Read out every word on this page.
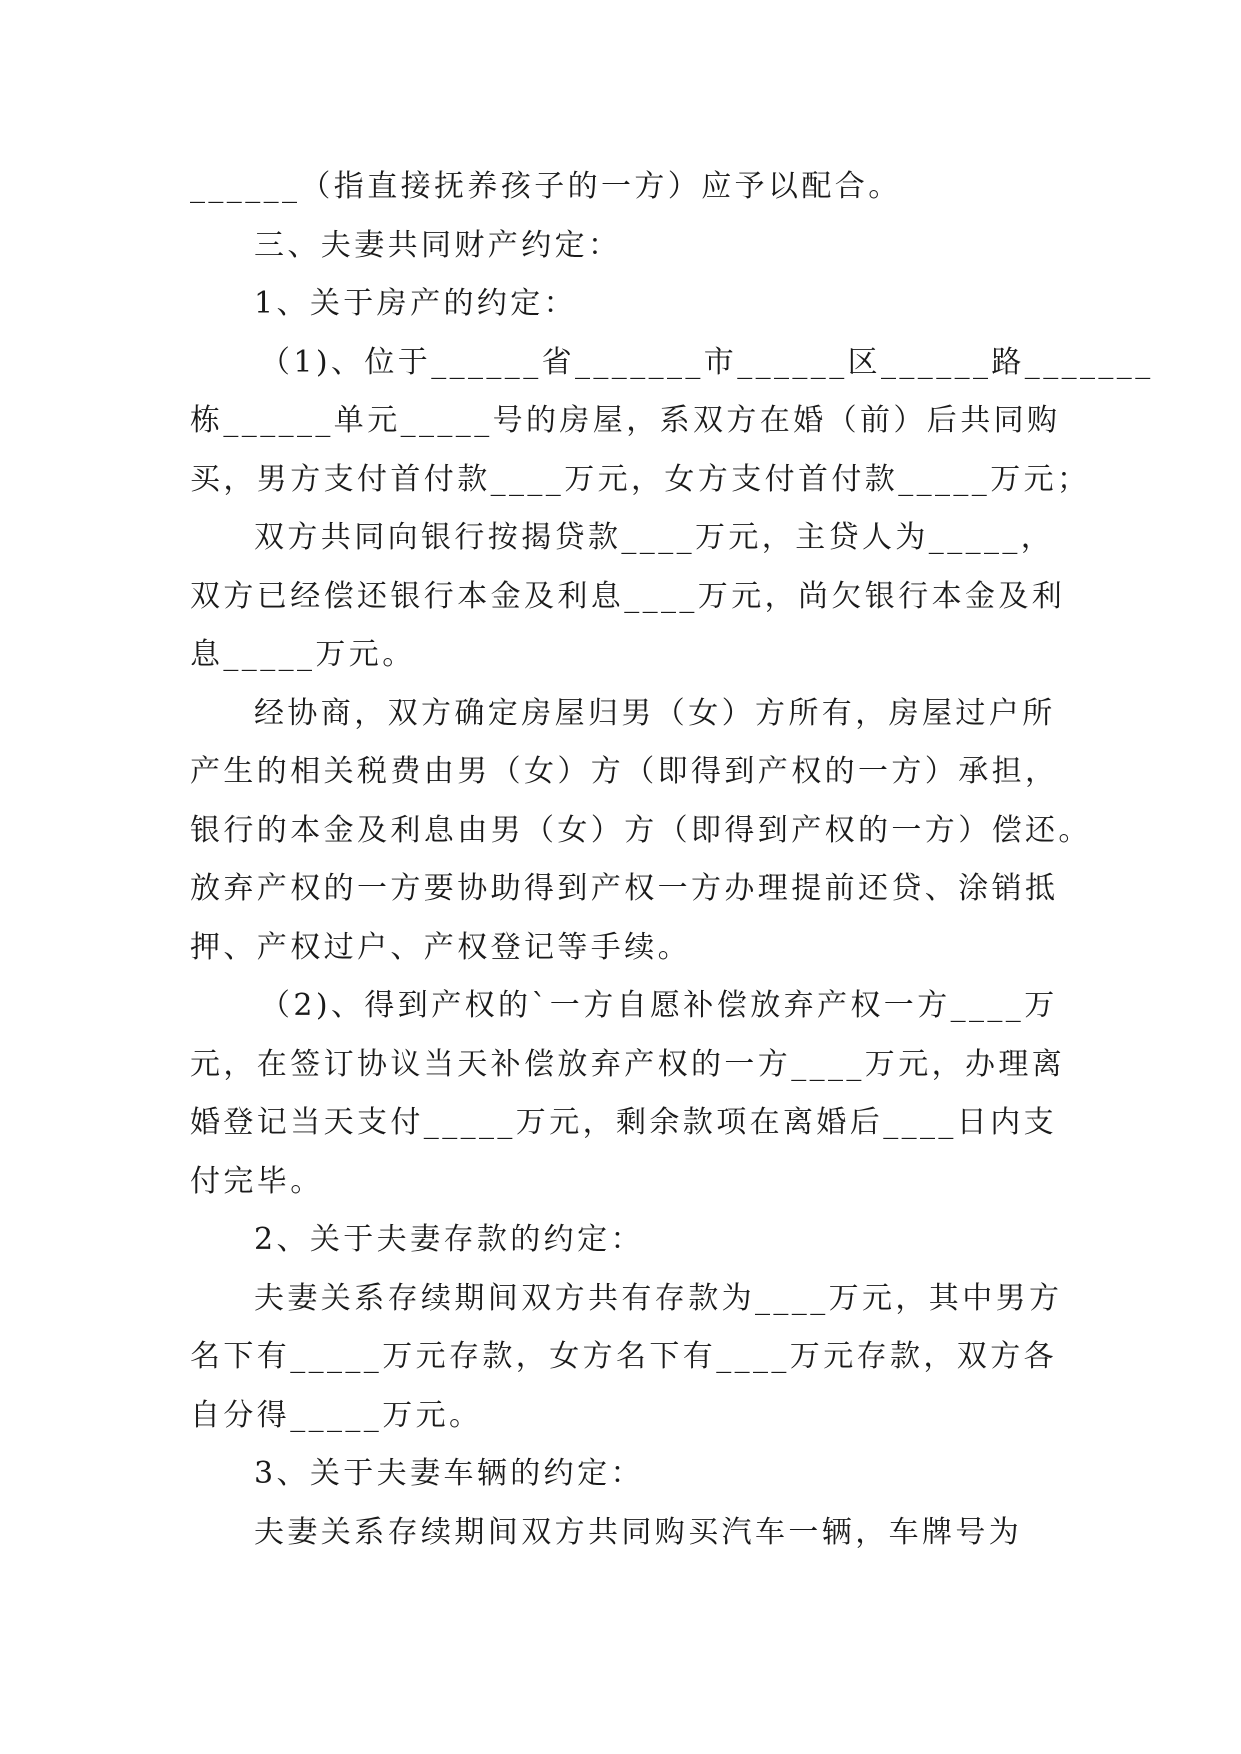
______（指直接抚养孩子的一方）应予以配合。
三、夫妻共同财产约定：
1、关于房产的约定：
（1)、位于______省_______市______区______路_______
栋______单元_____号的房屋，系双方在婚（前）后共同购
买，男方支付首付款____万元，女方支付首付款_____万元；
双方共同向银行按揭贷款____万元，主贷人为_____，
双方已经偿还银行本金及利息____万元，尚欠银行本金及利
息_____万元。
经协商，双方确定房屋归男（女）方所有，房屋过户所
产生的相关税费由男（女）方（即得到产权的一方）承担，
银行的本金及利息由男（女）方（即得到产权的一方）偿还。
放弃产权的一方要协助得到产权一方办理提前还贷、涂销抵
押、产权过户、产权登记等手续。
（2)、得到产权的`一方自愿补偿放弃产权一方____万
元，在签订协议当天补偿放弃产权的一方____万元，办理离
婚登记当天支付_____万元，剩余款项在离婚后____日内支
付完毕。
2、关于夫妻存款的约定：
夫妻关系存续期间双方共有存款为____万元，其中男方
名下有_____万元存款，女方名下有____万元存款，双方各
自分得_____万元。
3、关于夫妻车辆的约定：
夫妻关系存续期间双方共同购买汽车一辆，车牌号为
